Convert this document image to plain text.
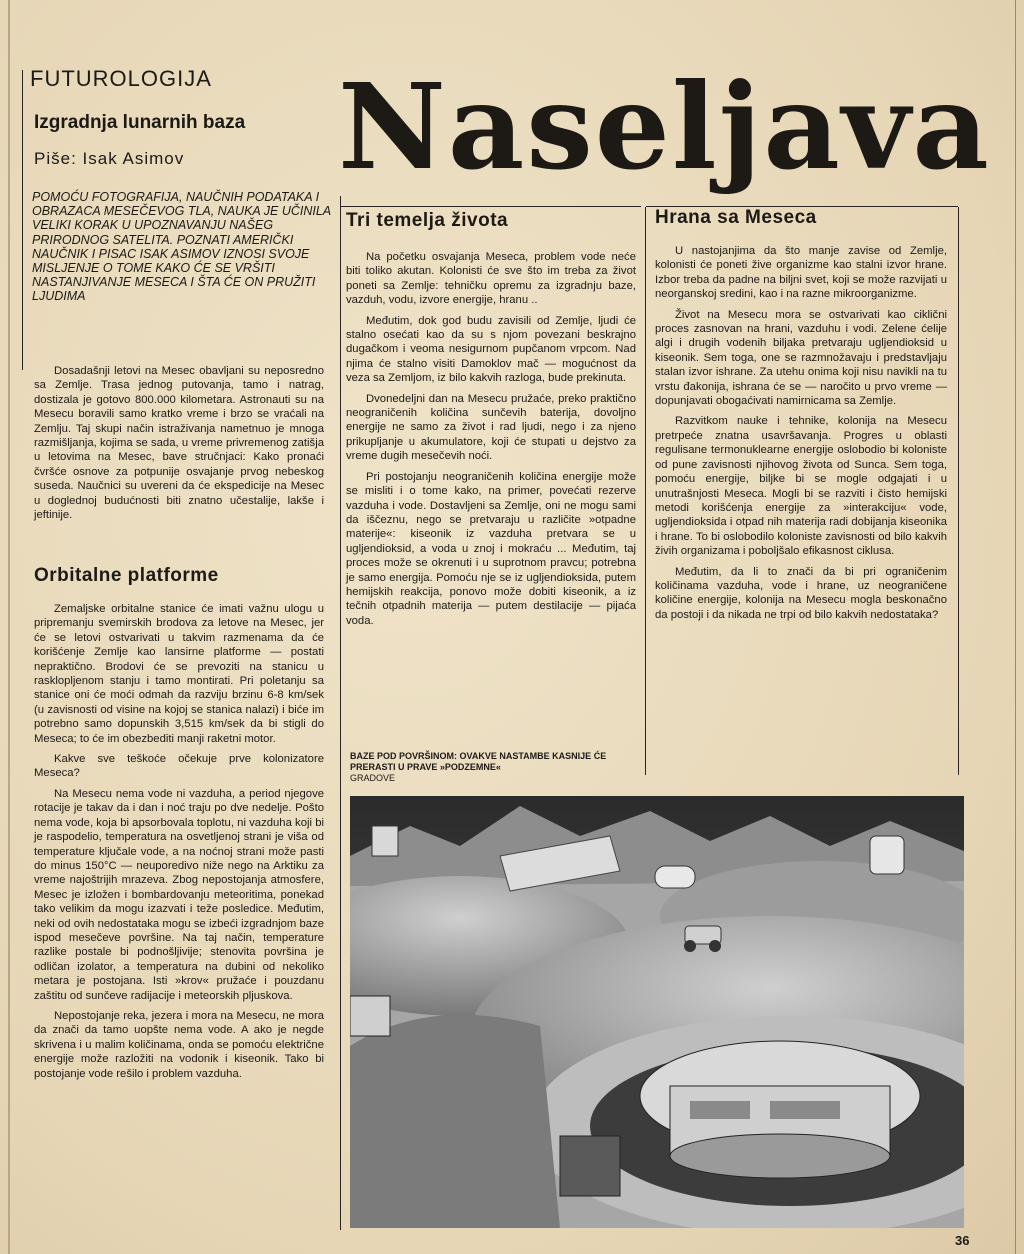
FUTUROLOGIJA
Izgradnja lunarnih baza
Piše: Isak Asimov Naseljava
POMOĆU FOTOGRAFIJA, NAUČNIH PODATAKA I OBRAZACA MESEČEVOG TLA, NAUKA JE UČINILA VELIKI KORAK U UPOZNAVANJU NAŠEG PRIRODNOG SATELITA. POZNATI AMERIČKI NAUČNIK I PISAC ISAK ASIMOV IZNOSI SVOJE MISLJENJE O TOME KAKO ĆE SE VRŠITI NASTANJIVANJE MESECA I ŠTA ĆE ON PRUŽITI LJUDIMA

Dosadašnji letovi na Mesec obavljani su neposredno sa Zemlje. Trasa jednog putovanja, tamo i natrag, dostizala je gotovo 800.000 kilometara. Astronauti su na Mesecu boravili samo kratko vreme i brzo se vraćali na Zemlju. Taj skupi način istraživanja nametnuo je mnoga razmišljanja, kojima se sada, u vreme privremenog zatišja u letovima na Mesec, bave stručnjaci: Kako pronaći čvršće osnove za potpunije osvajanje prvog nebeskog suseda. Naučnici su uvereni da će ekspedicije na Mesec u doglednoj budućnosti biti znatno učestalije, lakše i jeftinije.

Orbitalne platforme

Zemaljske orbitalne stanice će imati važnu ulogu u pripremanju svemirskih brodova za letove na Mesec, jer će se letovi ostvarivati u takvim razmenama da će korišćenje Zemlje kao lansirne platforme — postati nepraktično. Brodovi će se prevoziti na stanicu u rasklopljenom stanju i tamo montirati. Pri poletanju sa stanice oni će moći odmah da razviju brzinu 6-8 km/sek (u zavisnosti od visine na kojoj se stanica nalazi) i biće im potrebno samo dopunskih 3,515 km/sek da bi stigli do Meseca; to će im obezbediti manji raketni motor.

Kakve sve teškoće očekuje prve kolonizatore Meseca?

Na Mesecu nema vode ni vazduha, a period njegove rotacije je takav da i dan i noć traju po dve nedelje. Pošto nema vode, koja bi apsorbovala toplotu, ni vazduha koji bi je raspodelio, temperatura na osvetljenoj strani je viša od temperature ključale vode, a na noćnoj strani može pasti do minus 150°C — neuporedivo niže nego na Arktiku za vreme najoštrijih mrazeva. Zbog nepostojanja atmosfere, Mesec je izložen i bombardovanju meteoritima, ponekad tako velikim da mogu izazvati i teže posledice. Međutim, neki od ovih nedostataka mogu se izbeći izgradnjom baze ispod mesečeve površine. Na taj način, temperature razlike postale bi podnošljivije; stenovita površina je odličan izolator, a temperatura na dubini od nekoliko metara je postojana. Isti »krov« pružaće i pouzdanu zaštitu od sunčeve radijacije i meteorskih pljuskova.

Nepostojanje reka, jezera i mora na Mesecu, ne mora da znači da tamo uopšte nema vode. A ako je negde skrivena i u malim količinama, onda se pomoću električne energije može razložiti na vodonik i kiseonik. Tako bi postojanje vode rešilo i problem vazduha.

Tri temelja života

Na početku osvajanja Meseca, problem vode neće biti toliko akutan. Kolonisti će sve što im treba za život poneti sa Zemlje: tehničku opremu za izgradnju baze, vazduh, vodu, izvore energije, hranu ..

Međutim, dok god budu zavisili od Zemlje, ljudi će stalno osećati kao da su s njom povezani beskrajno dugačkom i veoma nesigurnom pupčanom vrpcom. Nad njima će stalno visiti Damoklov mač — mogućnost da veza sa Zemljom, iz bilo kakvih razloga, bude prekinuta.

Dvonedeljni dan na Mesecu pružaće, preko praktično neograničenih količina sunčevih baterija, dovoljno energije ne samo za život i rad ljudi, nego i za njeno prikupljanje u akumulatore, koji će stupati u dejstvo za vreme dugih mesečevih noći.

Pri postojanju neograničenih količina energije može se misliti i o tome kako, na primer, povećati rezerve vazduha i vode. Dostavljeni sa Zemlje, oni ne mogu sami da iščeznu, nego se pretvaraju u različite »otpadne materije«: kiseonik iz vazduha pretvara se u ugljendioksid, a voda u znoj i mokraću ... Međutim, taj proces može se okrenuti i u suprotnom pravcu; potrebna je samo energija. Pomoću nje se iz ugljendioksida, putem hemijskih reakcija, ponovo može dobiti kiseonik, a iz tečnih otpadnih materija — putem destilacije — pijaća voda.

BAZE POD POVRŠINOM: OVAKVE NASTAMBE KASNIJE ĆE PRERASTI U PRAVE »PODZEMNE«
GRADOVE
Hrana sa Meseca

U nastojanjima da što manje zavise od Zemlje, kolonisti će poneti žive organizme kao stalni izvor hrane. Izbor treba da padne na biljni svet, koji se može razvijati u neorganskoj sredini, kao i na razne mikroorganizme.

Život na Mesecu mora se ostvarivati kao ciklični proces zasnovan na hrani, vazduhu i vodi. Zelene ćelije algi i drugih vodenih biljaka pretvaraju ugljendioksid u kiseonik. Sem toga, one se razmnožavaju i predstavljaju stalan izvor ishrane. Za utehu onima koji nisu navikli na tu vrstu đakonija, ishrana će se — naročito u prvo vreme — dopunjavati obogaćivati namirnicama sa Zemlje.

Razvitkom nauke i tehnike, kolonija na Mesecu pretrpeće znatna usavršavanja. Progres u oblasti regulisane termonuklearne energije oslobodio bi koloniste od pune zavisnosti njihovog života od Sunca. Sem toga, pomoću energije, biljke bi se mogle odgajati i u unutrašnjosti Meseca. Mogli bi se razviti i čisto hemijski metodi korišćenja energije za »interakciju« vode, ugljendioksida i otpad nih materija radi dobijanja kiseonika i hrane. To bi oslobodilo koloniste zavisnosti od bilo kakvih živih organizama i poboljšalo efikasnost ciklusa.

Međutim, da li to znači da bi pri ograničenim količinama vazduha, vode i hrane, uz neograničene količine energije, kolonija na Mesecu mogla beskonačno da postoji i da nikada ne trpi od bilo kakvih nedostataka?

36
